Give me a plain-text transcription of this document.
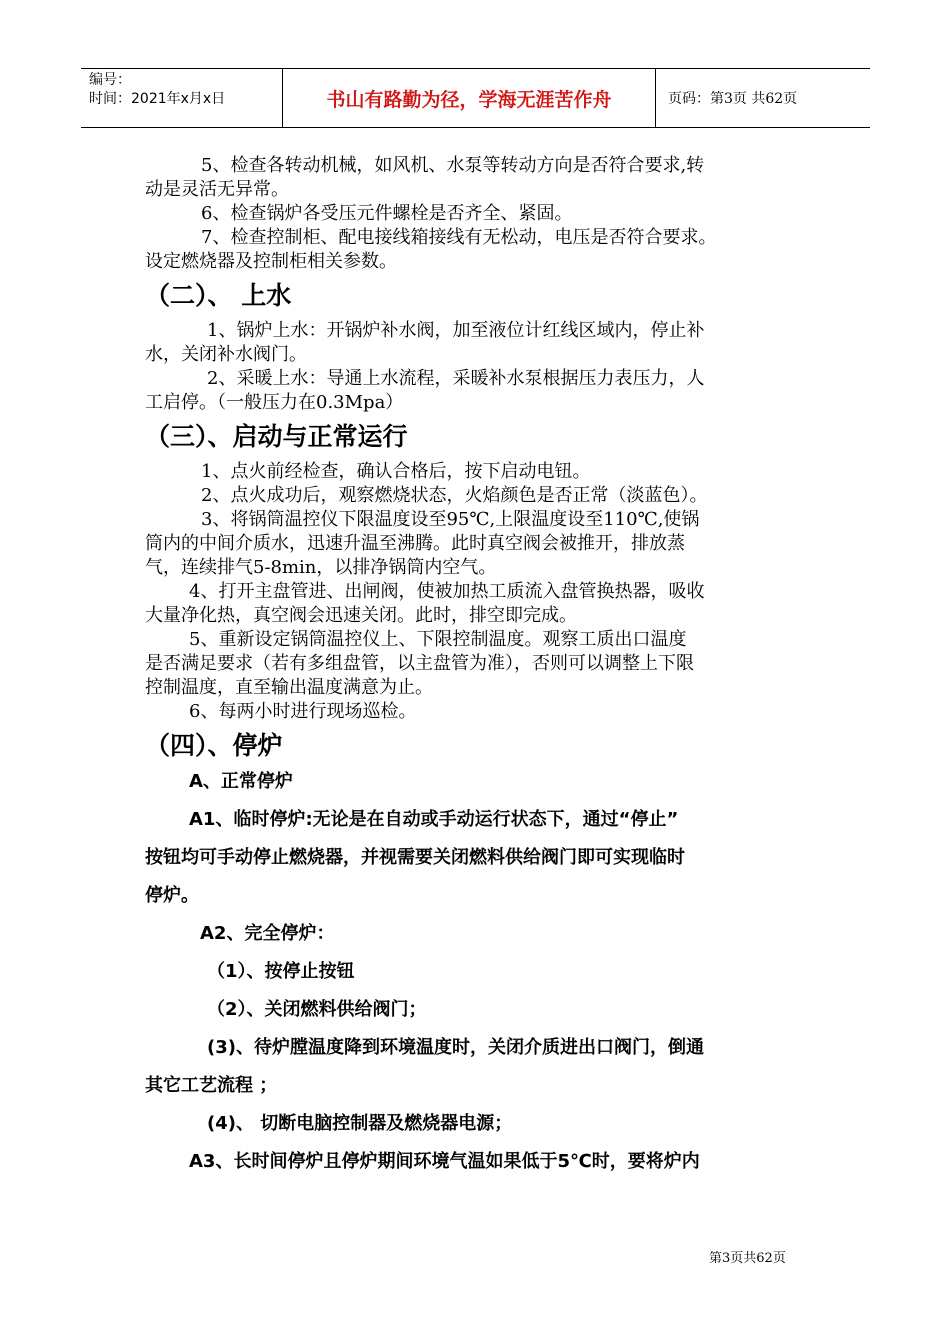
编号：
时间：2021年x月x日	书山有路勤为径，学海无涯苦作舟	页码：第3页 共62页

5、检查各转动机械，如风机、水泵等转动方向是否符合要求,转

动是灵活无异常。

6、检查锅炉各受压元件螺栓是否齐全、紧固。

7、检查控制柜、配电接线箱接线有无松动，电压是否符合要求。

设定燃烧器及控制柜相关参数。

（二）、 上水

1、锅炉上水：开锅炉补水阀，加至液位计红线区域内，停止补

水，关闭补水阀门。

2、采暖上水：导通上水流程，采暖补水泵根据压力表压力，人

工启停。（一般压力在0.3Mpa）

（三）、启动与正常运行

1、点火前经检查，确认合格后，按下启动电钮。

2、点火成功后，观察燃烧状态，火焰颜色是否正常（淡蓝色）。

3、将锅筒温控仪下限温度设至95℃,上限温度设至110℃,使锅

筒内的中间介质水，迅速升温至沸腾。此时真空阀会被推开，排放蒸

气，连续排气5-8min，以排净锅筒内空气。

4、打开主盘管进、出闸阀，使被加热工质流入盘管换热器，吸收

大量净化热，真空阀会迅速关闭。此时，排空即完成。

5、重新设定锅筒温控仪上、下限控制温度。观察工质出口温度

是否满足要求（若有多组盘管，以主盘管为准），否则可以调整上下限

控制温度，直至输出温度满意为止。

6、每两小时进行现场巡检。

（四）、停炉

A、正常停炉

A1、临时停炉:无论是在自动或手动运行状态下，通过“停止”

按钮均可手动停止燃烧器，并视需要关闭燃料供给阀门即可实现临时

停炉。

A2、完全停炉：

（1）、按停止按钮

（2）、关闭燃料供给阀门；

(3)、待炉膛温度降到环境温度时，关闭介质进出口阀门，倒通

其它工艺流程 ；

(4)、 切断电脑控制器及燃烧器电源；

A3、长时间停炉且停炉期间环境气温如果低于5℃时，要将炉内

第3页共62页
